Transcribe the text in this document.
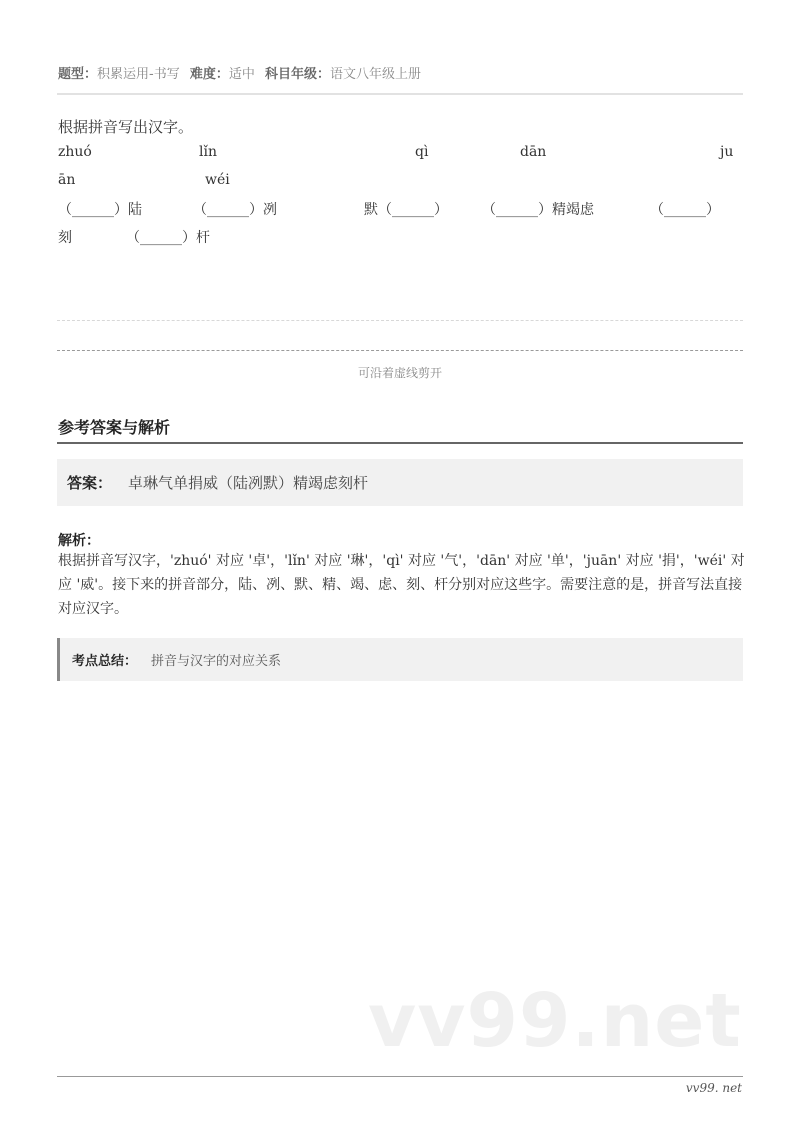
题型：积累运用-书写 难度：适中 科目年级：语文八年级上册
根据拼音写出汉字。
zhuó	lǐn	qì	dān	ju
ān	wéi
（______）陆	（______）冽	默（______） （______）精竭虑	（______）
刻	（______）杆
可沿着虚线剪开
参考答案与解析
答案： 卓琳气单捐威（陆冽默）精竭虑刻杆
解析：
根据拼音写汉字，'zhuó' 对应 '卓'，'lǐn' 对应 '琳'，'qì' 对应 '气'，'dān' 对应 '单'，'juān' 对应 '捐'，'wéi' 对应 '威'。接下来的拼音部分，陆、冽、默、精、竭、虑、刻、杆分别对应这些字。需要注意的是，拼音写法直接对应汉字。
考点总结： 拼音与汉字的对应关系
vv99.net
vv99. net
